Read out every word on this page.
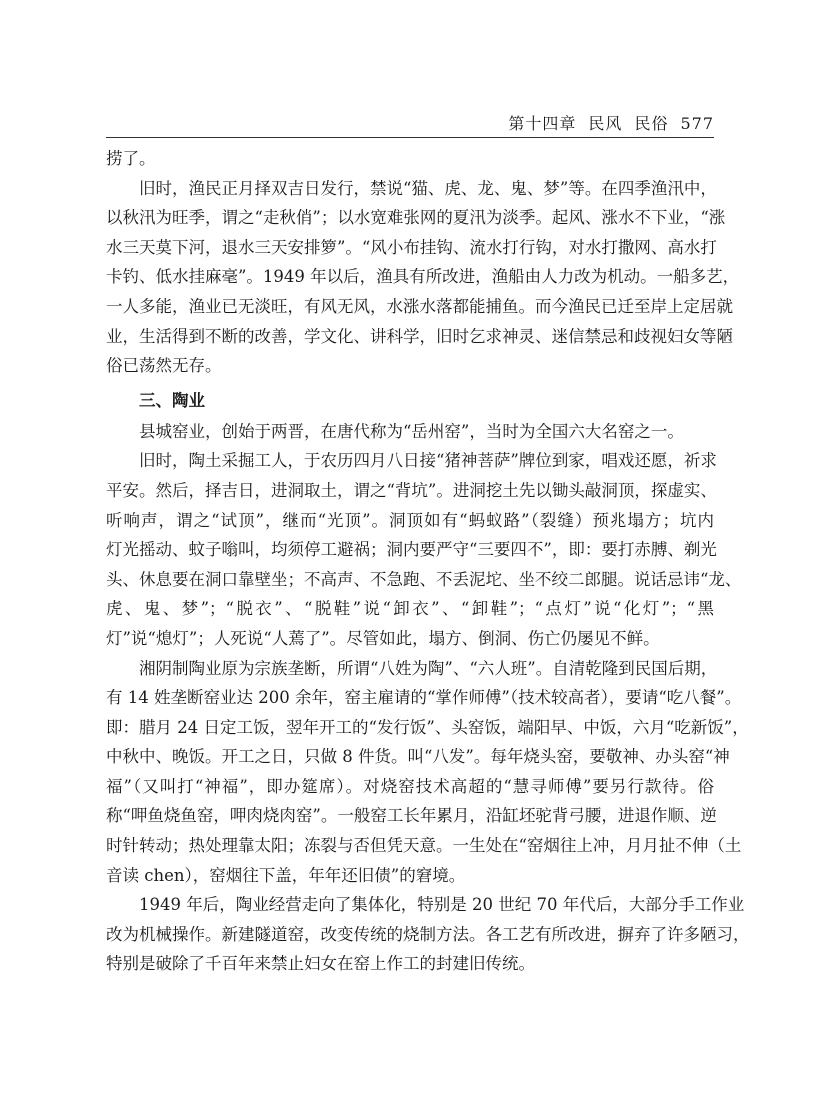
第十四章 民风 民俗 577
捞了。
旧时，渔民正月择双吉日发行，禁说“猫、虎、龙、鬼、梦”等。在四季渔汛中，
以秋汛为旺季，谓之“走秋俏”；以水宽难张网的夏汛为淡季。起风、涨水不下业，“涨
水三天莫下河，退水三天安排箩”。“风小布挂钩、流水打行钩，对水打撒网、高水打
卡钓、低水挂麻毫”。1949 年以后，渔具有所改进，渔船由人力改为机动。一船多艺，
一人多能，渔业已无淡旺，有风无风，水涨水落都能捕鱼。而今渔民已迁至岸上定居就
业，生活得到不断的改善，学文化、讲科学，旧时乞求神灵、迷信禁忌和歧视妇女等陋
俗已荡然无存。
三、陶业
县城窑业，创始于两晋，在唐代称为“岳州窑”，当时为全国六大名窑之一。
旧时，陶土采掘工人，于农历四月八日接“猪神菩萨”牌位到家，唱戏还愿，祈求
平安。然后，择吉日，进洞取土，谓之“背坑”。进洞挖土先以锄头敲洞顶，探虚实、
听响声，谓之“试顶”，继而“光顶”。洞顶如有“蚂蚁路”（裂缝）预兆塌方；坑内
灯光摇动、蚊子嗡叫，均须停工避祸；洞内要严守“三要四不”，即：要打赤膊、剃光
头、休息要在洞口靠壁坐；不高声、不急跑、不丢泥坨、坐不绞二郎腿。说话忌讳“龙、
虎、鬼、梦”；“脱衣”、“脱鞋”说“卸衣”、“卸鞋”；“点灯”说“化灯”；“黑
灯”说“熄灯”；人死说“人蔫了”。尽管如此，塌方、倒洞、伤亡仍屡见不鲜。
湘阴制陶业原为宗族垄断，所谓“八姓为陶”、“六人班”。自清乾隆到民国后期，
有 14 姓垄断窑业达 200 余年，窑主雇请的“掌作师傅”（技术较高者），要请“吃八餐”。
即：腊月 24 日定工饭，翌年开工的“发行饭”、头窑饭，端阳早、中饭，六月“吃新饭”，
中秋中、晚饭。开工之日，只做 8 件货。叫“八发”。每年烧头窑，要敬神、办头窑“神
福”（又叫打“神福”，即办筵席）。对烧窑技术高超的“慧寻师傅”要另行款待。俗
称“呷鱼烧鱼窑，呷肉烧肉窑”。一般窑工长年累月，沿缸坯驼背弓腰，进退作顺、逆
时针转动；热处理靠太阳；冻裂与否但凭天意。一生处在“窑烟往上冲，月月扯不伸（土
音读 chen），窑烟往下盖，年年还旧债”的窘境。
1949 年后，陶业经营走向了集体化，特别是 20 世纪 70 年代后，大部分手工作业
改为机械操作。新建隧道窑，改变传统的烧制方法。各工艺有所改进，摒弃了许多陋习，
特别是破除了千百年来禁止妇女在窑上作工的封建旧传统。
